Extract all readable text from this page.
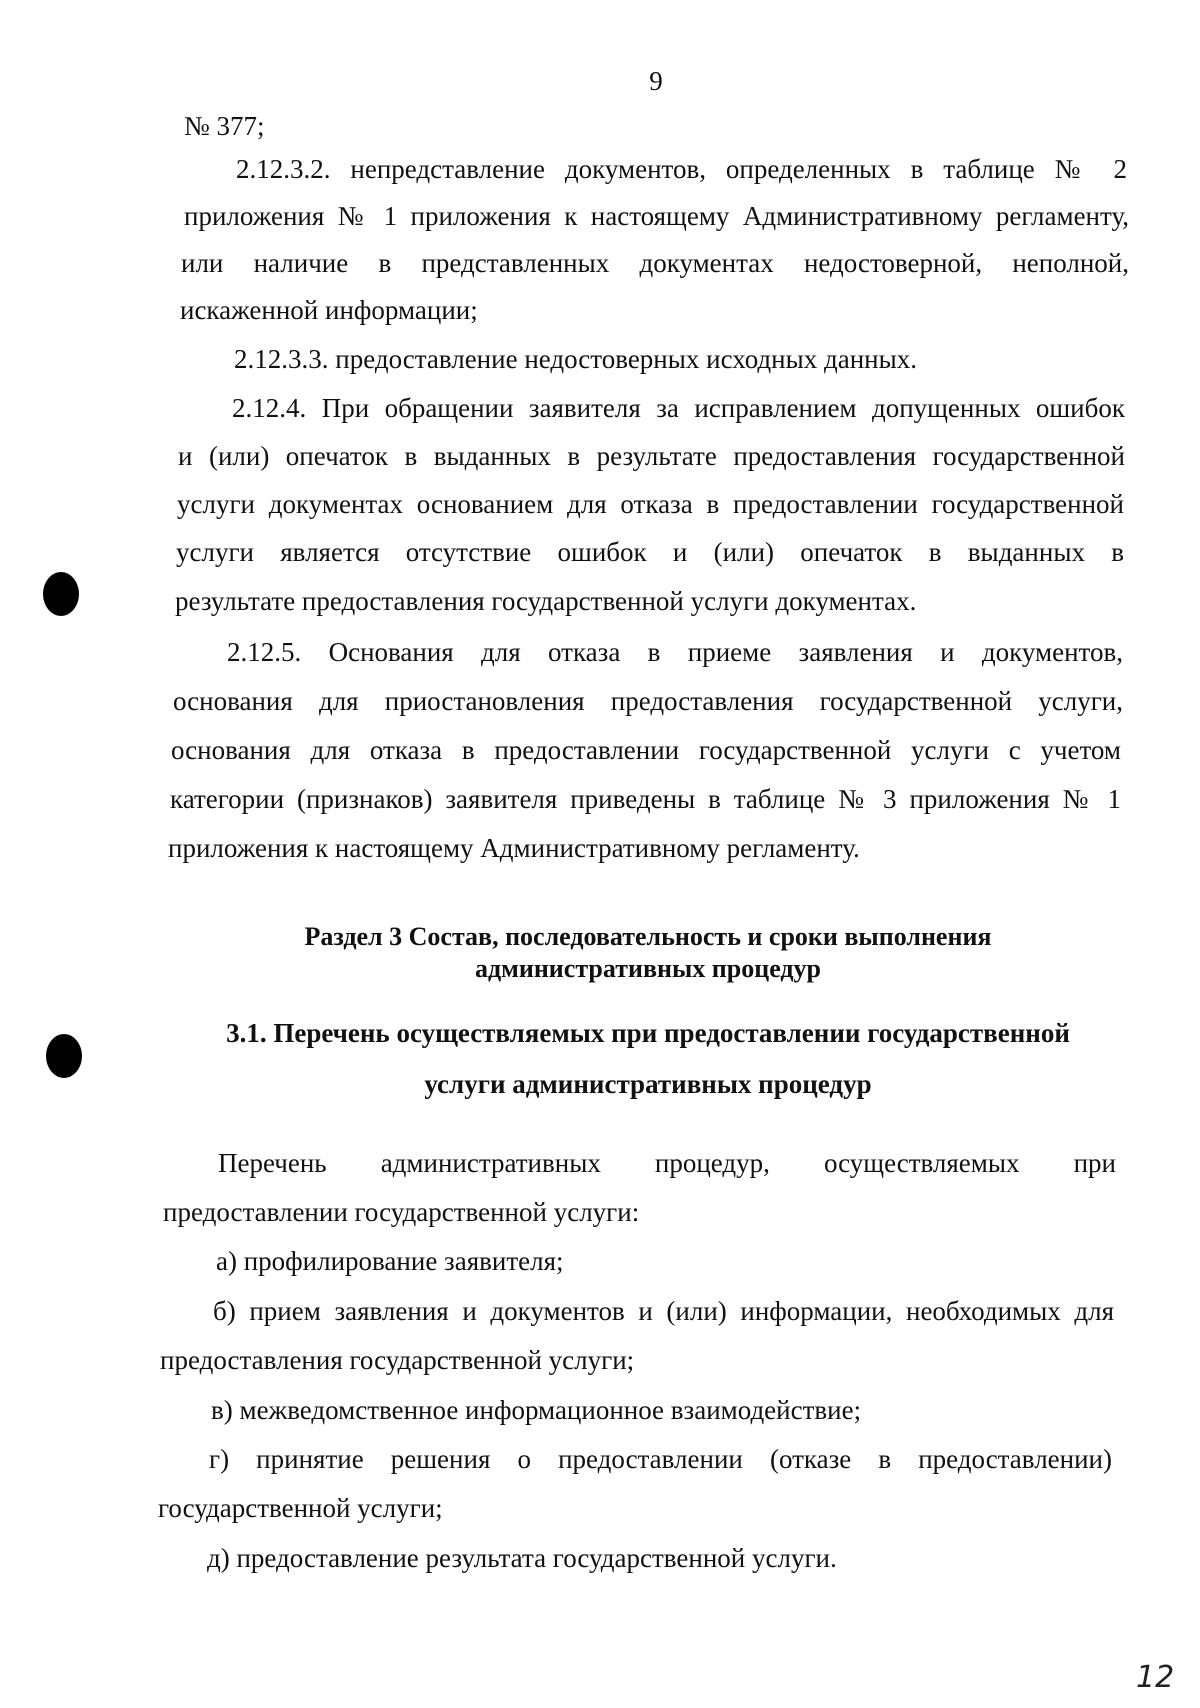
9
№ 377;
2.12.3.2. непредставление документов, определенных в таблице № 2
приложения № 1 приложения к настоящему Административному регламенту,
или наличие в представленных документах недостоверной, неполной,
искаженной информации;
2.12.3.3. предоставление недостоверных исходных данных.
2.12.4. При обращении заявителя за исправлением допущенных ошибок
и (или) опечаток в выданных в результате предоставления государственной
услуги документах основанием для отказа в предоставлении государственной
услуги является отсутствие ошибок и (или) опечаток в выданных в
результате предоставления государственной услуги документах.
2.12.5. Основания для отказа в приеме заявления и документов,
основания для приостановления предоставления государственной услуги,
основания для отказа в предоставлении государственной услуги с учетом
категории (признаков) заявителя приведены в таблице № 3 приложения № 1
приложения к настоящему Административному регламенту.
Раздел 3 Состав, последовательность и сроки выполнения
административных процедур
3.1. Перечень осуществляемых при предоставлении государственной
услуги административных процедур
Перечень административных процедур, осуществляемых при
предоставлении государственной услуги:
а) профилирование заявителя;
б) прием заявления и документов и (или) информации, необходимых для
предоставления государственной услуги;
в) межведомственное информационное взаимодействие;
г) принятие решения о предоставлении (отказе в предоставлении)
государственной услуги;
д) предоставление результата государственной услуги.
12
